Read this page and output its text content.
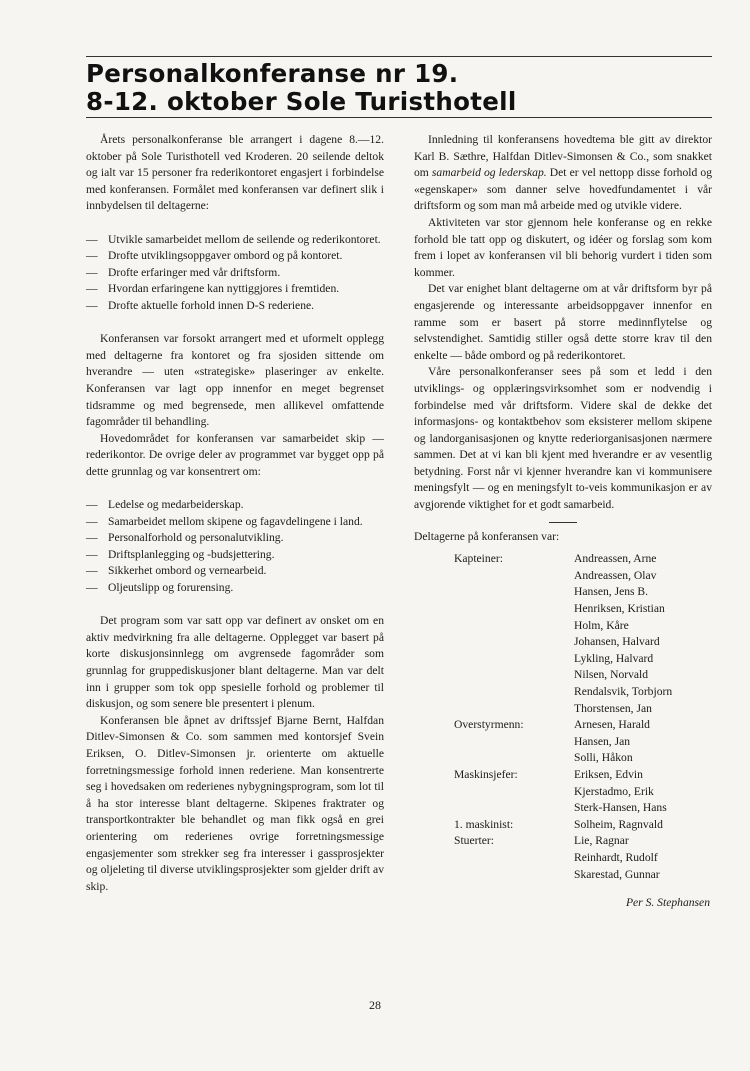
Personalkonferanse nr 19.
8-12. oktober Sole Turisthotell

Årets personalkonferanse ble arrangert i dagene 8.—12. oktober på Sole Turisthotell ved Kroderen. 20 seilende deltok og ialt var 15 personer fra rederikontoret engasjert i forbindelse med konferansen. Formålet med konferansen var definert slik i innbydelsen til deltagerne:

— Utvikle samarbeidet mellom de seilende og rederikontoret.
— Drofte utviklingsoppgaver ombord og på kontoret.
— Drofte erfaringer med vår driftsform.
— Hvordan erfaringene kan nyttiggjores i fremtiden.
— Drofte aktuelle forhold innen D-S rederiene.

Konferansen var forsokt arrangert med et uformelt opplegg med deltagerne fra kontoret og fra sjosiden sittende om hverandre — uten «strategiske» plaseringer av enkelte. Konferansen var lagt opp innenfor en meget begrenset tidsramme og med begrensede, men allikevel omfattende fagområder til behandling.

Hovedområdet for konferansen var samarbeidet skip — rederikontor. De ovrige deler av programmet var bygget opp på dette grunnlag og var konsentrert om:

— Ledelse og medarbeiderskap.
— Samarbeidet mellom skipene og fagavdelingene i land.
— Personalforhold og personalutvikling.
— Driftsplanlegging og -budsjettering.
— Sikkerhet ombord og vernearbeid.
— Oljeutslipp og forurensing.

Det program som var satt opp var definert av onsket om en aktiv medvirkning fra alle deltagerne. Opplegget var basert på korte diskusjonsinnlegg om avgrensede fagområder som grunnlag for gruppediskusjoner blant deltagerne. Man var delt inn i grupper som tok opp spesielle forhold og problemer til diskusjon, og som senere ble presentert i plenum.

Konferansen ble åpnet av driftssjef Bjarne Bernt, Halfdan Ditlev-Simonsen & Co. som sammen med kontorsjef Svein Eriksen, O. Ditlev-Simonsen jr. orienterte om aktuelle forretningsmessige forhold innen rederiene. Man konsentrerte seg i hovedsaken om rederienes nybygningsprogram, som lot til å ha stor interesse blant deltagerne. Skipenes fraktrater og transportkontrakter ble behandlet og man fikk også en grei orientering om rederienes ovrige forretningsmessige engasjementer som strekker seg fra interesser i gassprosjekter og oljeleting til diverse utviklingsprosjekter som gjelder drift av skip.

Innledning til konferansens hovedtema ble gitt av direktor Karl B. Sæthre, Halfdan Ditlev-Simonsen & Co., som snakket om samarbeid og lederskap. Det er vel nettopp disse forhold og «egenskaper» som danner selve hovedfundamentet i vår driftsform og som man må arbeide med og utvikle videre.

Aktiviteten var stor gjennom hele konferanse og en rekke forhold ble tatt opp og diskutert, og idéer og forslag som kom frem i lopet av konferansen vil bli behorig vurdert i tiden som kommer.

Det var enighet blant deltagerne om at vår driftsform byr på engasjerende og interessante arbeidsoppgaver innenfor en ramme som er basert på storre medinnflytelse og selvstendighet. Samtidig stiller også dette storre krav til den enkelte — både ombord og på rederikontoret.

Våre personalkonferanser sees på som et ledd i den utviklings- og opplæringsvirksomhet som er nodvendig i forbindelse med vår driftsform. Videre skal de dekke det informasjons- og kontaktbehov som eksisterer mellom skipene og landorganisasjonen og knytte rederiorganisasjonen nærmere sammen. Det at vi kan bli kjent med hverandre er av vesentlig betydning. Forst når vi kjenner hverandre kan vi kommunisere meningsfylt — og en meningsfylt to-veis kommunikasjon er av avgjorende viktighet for et godt samarbeid.

Deltagerne på konferansen var:

Kapteiner:	Andreassen, Arne
	Andreassen, Olav
	Hansen, Jens B.
	Henriksen, Kristian
	Holm, Kåre
	Johansen, Halvard
	Lykling, Halvard
	Nilsen, Norvald
	Rendalsvik, Torbjorn
	Thorstensen, Jan
Overstyrmenn:	Arnesen, Harald
	Hansen, Jan
	Solli, Håkon
Maskinsjefer:	Eriksen, Edvin
	Kjerstadmo, Erik
	Sterk-Hansen, Hans
1. maskinist:	Solheim, Ragnvald
Stuerter:	Lie, Ragnar
	Reinhardt, Rudolf
	Skarestad, Gunnar
Per S. Stephansen
28
